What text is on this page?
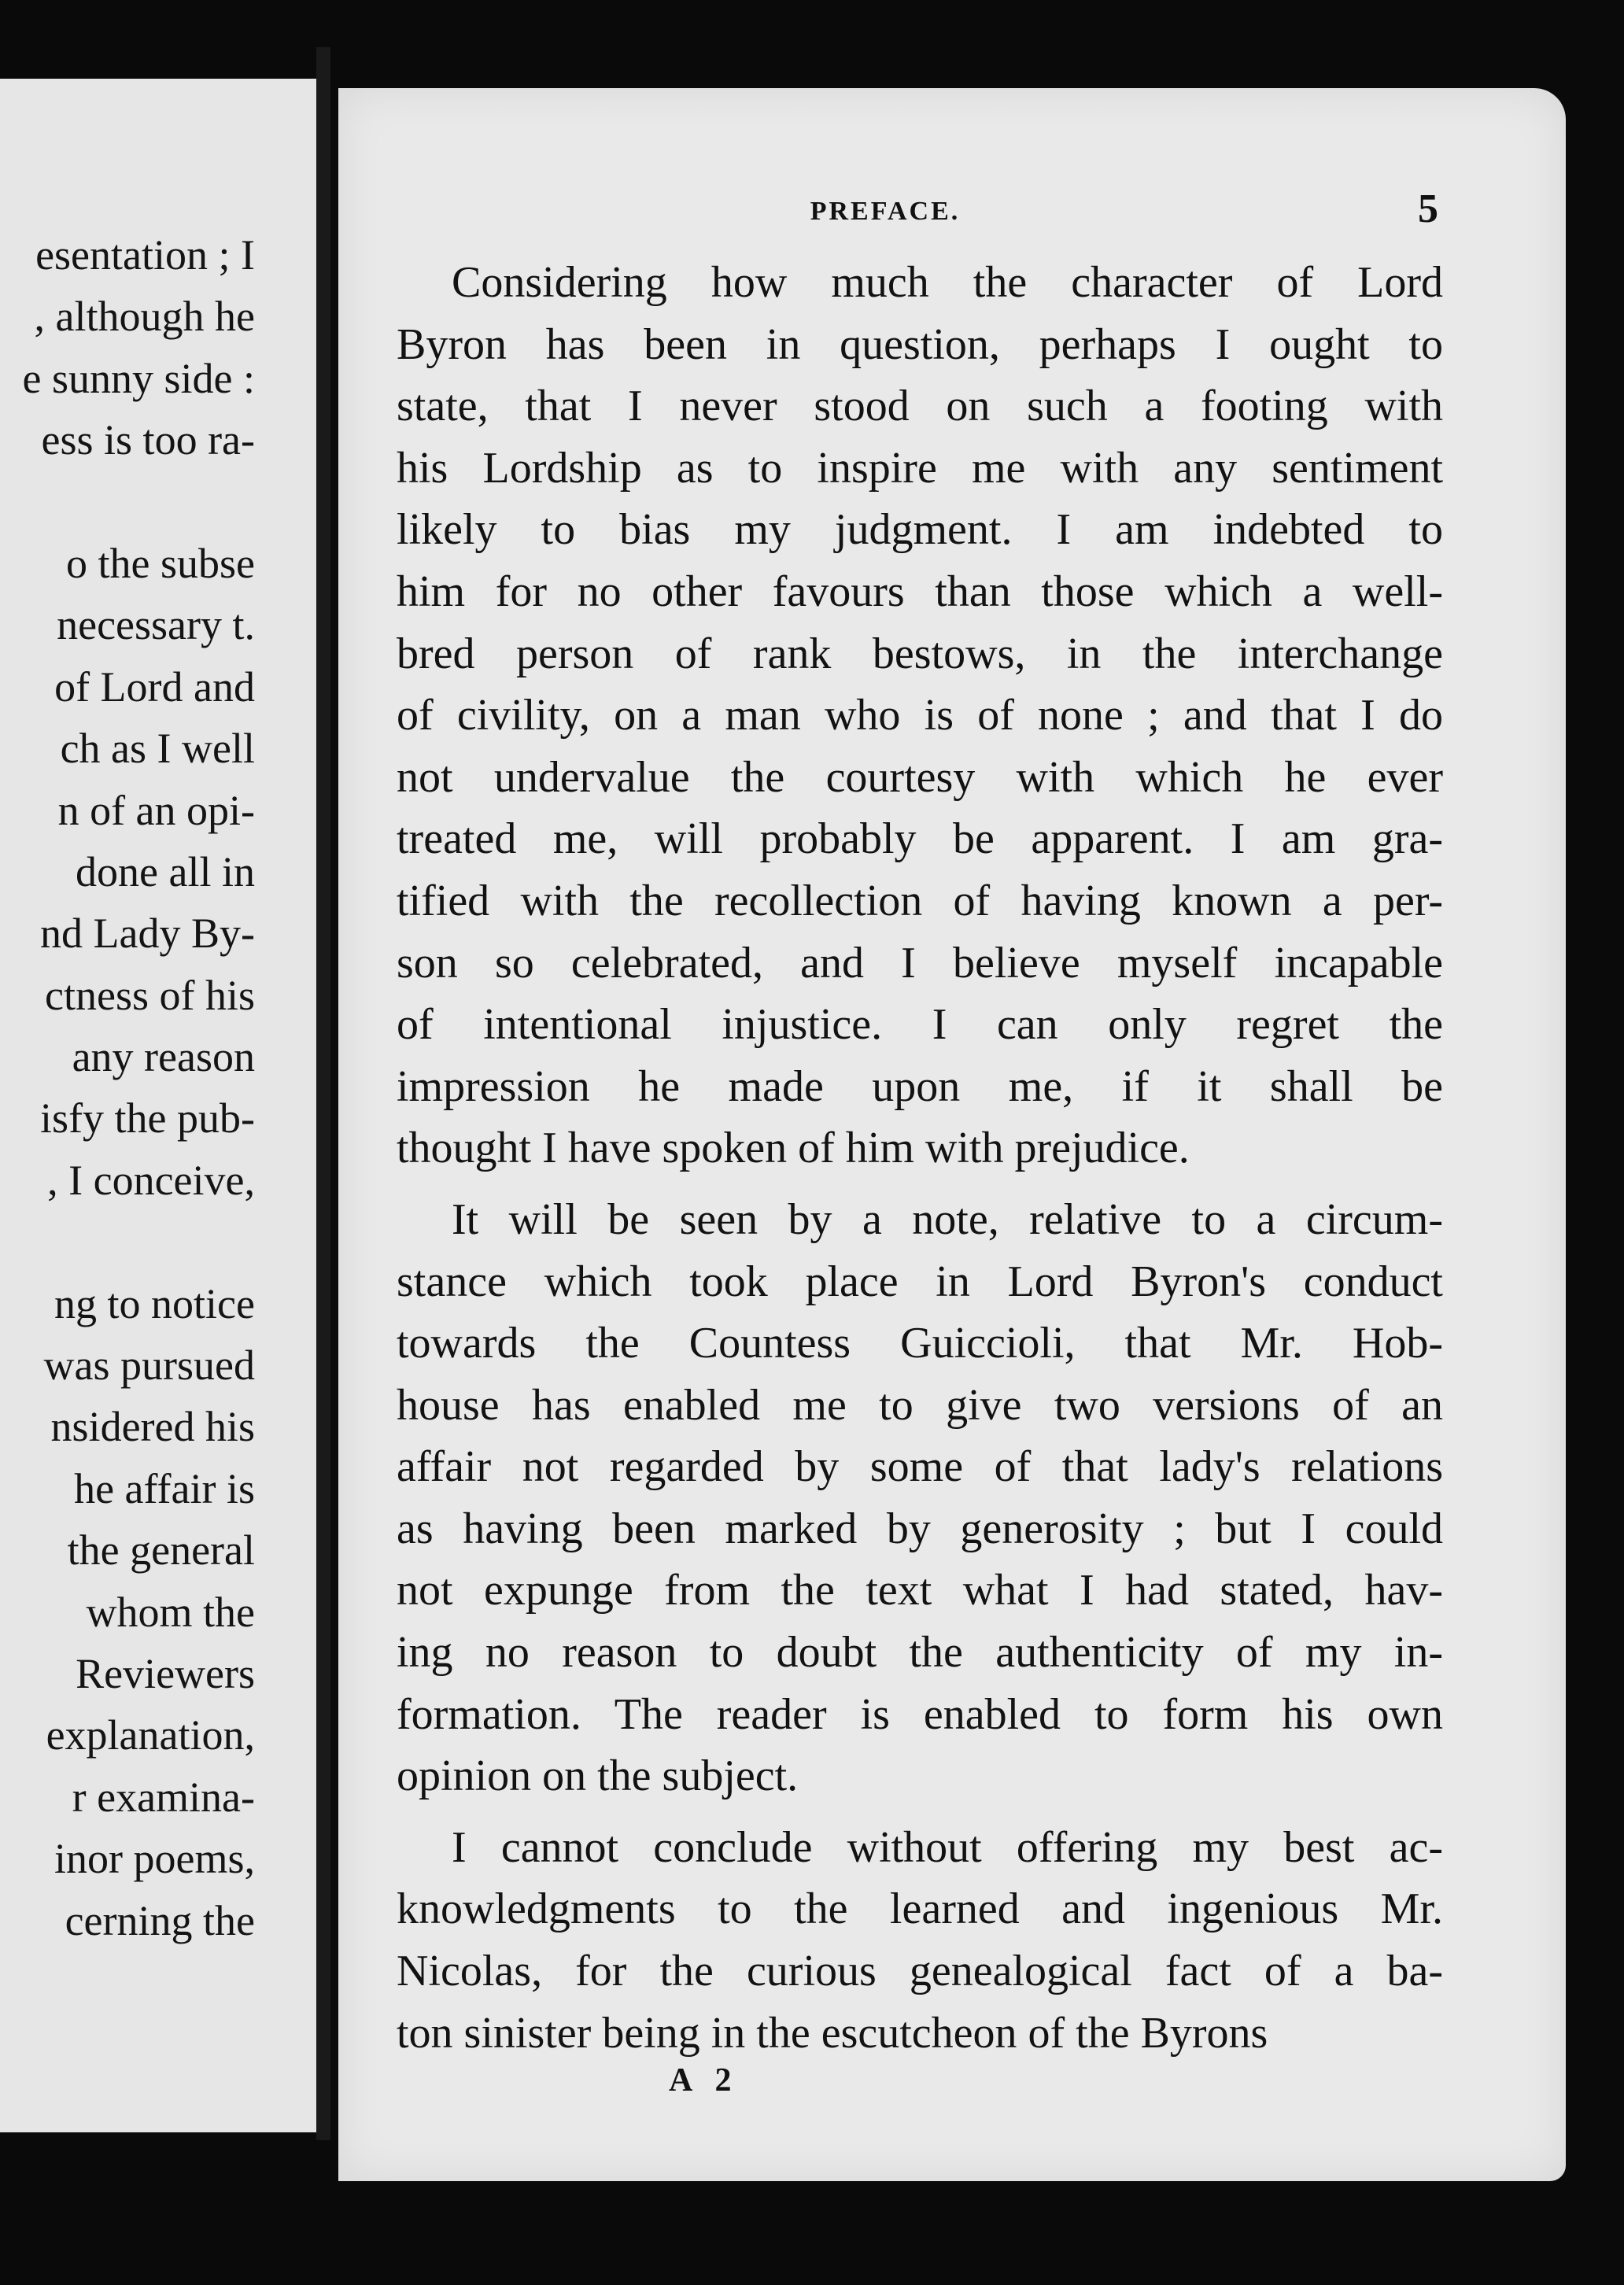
esentation ; I
, although he
e sunny side :
ess is too ra-
o the subse
necessary t.
of Lord and
ch as I well
n of an opi-
done all in
nd Lady By-
ctness of his
any reason
isfy the pub-
, I conceive,
ng to notice
was pursued
nsidered his
he affair is
the general
whom the
Reviewers
explanation,
r examina-
inor poems,
cerning the
PREFACE.	5
Considering how much the character of Lord
Byron has been in question, perhaps I ought to
state, that I never stood on such a footing with
his Lordship as to inspire me with any sentiment
likely to bias my judgment. I am indebted to
him for no other favours than those which a well-
bred person of rank bestows, in the interchange
of civility, on a man who is of none ; and that I do
not undervalue the courtesy with which he ever
treated me, will probably be apparent. I am gra-
tified with the recollection of having known a per-
son so celebrated, and I believe myself incapable
of intentional injustice. I can only regret the
impression he made upon me, if it shall be
thought I have spoken of him with prejudice.
It will be seen by a note, relative to a circum-
stance which took place in Lord Byron's conduct
towards the Countess Guiccioli, that Mr. Hob-
house has enabled me to give two versions of an
affair not regarded by some of that lady's relations
as having been marked by generosity ; but I could
not expunge from the text what I had stated, hav-
ing no reason to doubt the authenticity of my in-
formation. The reader is enabled to form his own
opinion on the subject.
I cannot conclude without offering my best ac-
knowledgments to the learned and ingenious Mr.
Nicolas, for the curious genealogical fact of a ba-
ton sinister being in the escutcheon of the Byrons
A 2
